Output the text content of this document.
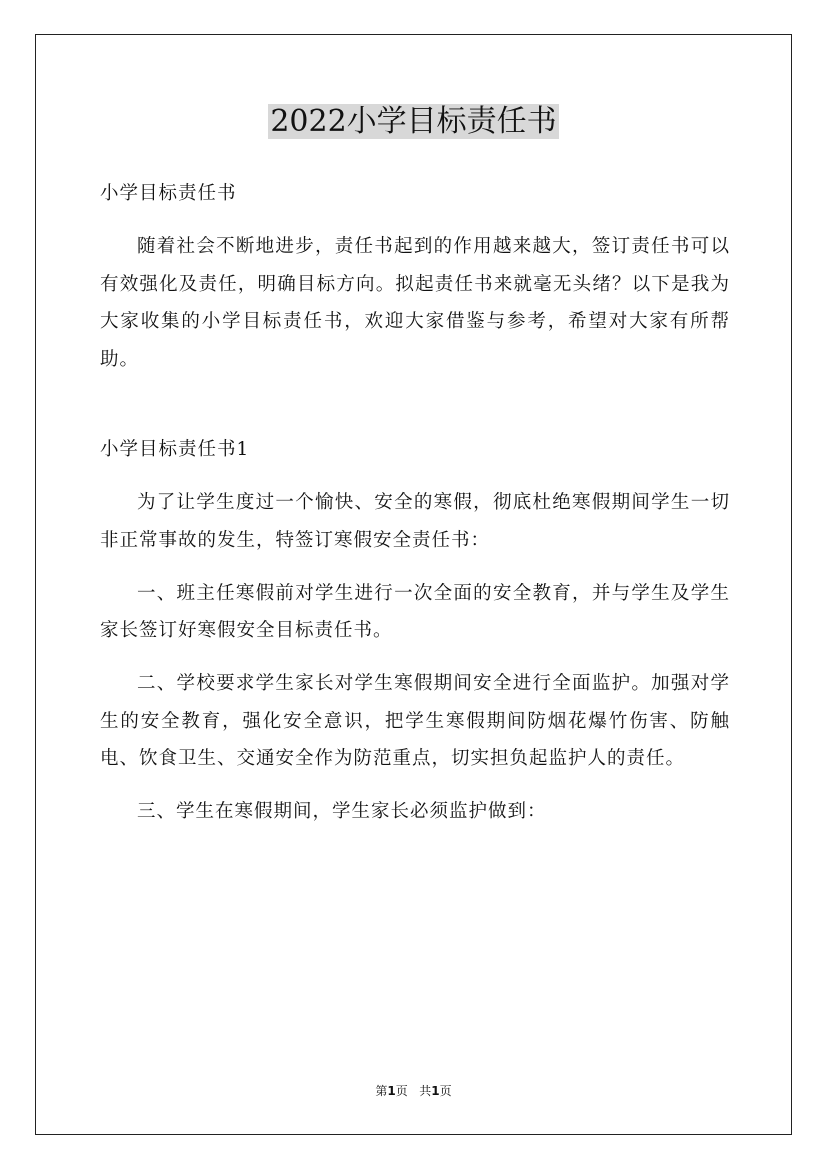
2022小学目标责任书

小学目标责任书

随着社会不断地进步，责任书起到的作用越来越大，签订责任书可以有效强化及责任，明确目标方向。拟起责任书来就毫无头绪？以下是我为大家收集的小学目标责任书，欢迎大家借鉴与参考，希望对大家有所帮助。

小学目标责任书1

为了让学生度过一个愉快、安全的寒假，彻底杜绝寒假期间学生一切非正常事故的发生，特签订寒假安全责任书：

一、班主任寒假前对学生进行一次全面的安全教育，并与学生及学生家长签订好寒假安全目标责任书。

二、学校要求学生家长对学生寒假期间安全进行全面监护。加强对学生的安全教育，强化安全意识，把学生寒假期间防烟花爆竹伤害、防触电、饮食卫生、交通安全作为防范重点，切实担负起监护人的责任。

三、学生在寒假期间，学生家长必须监护做到：

第1页 共1页
